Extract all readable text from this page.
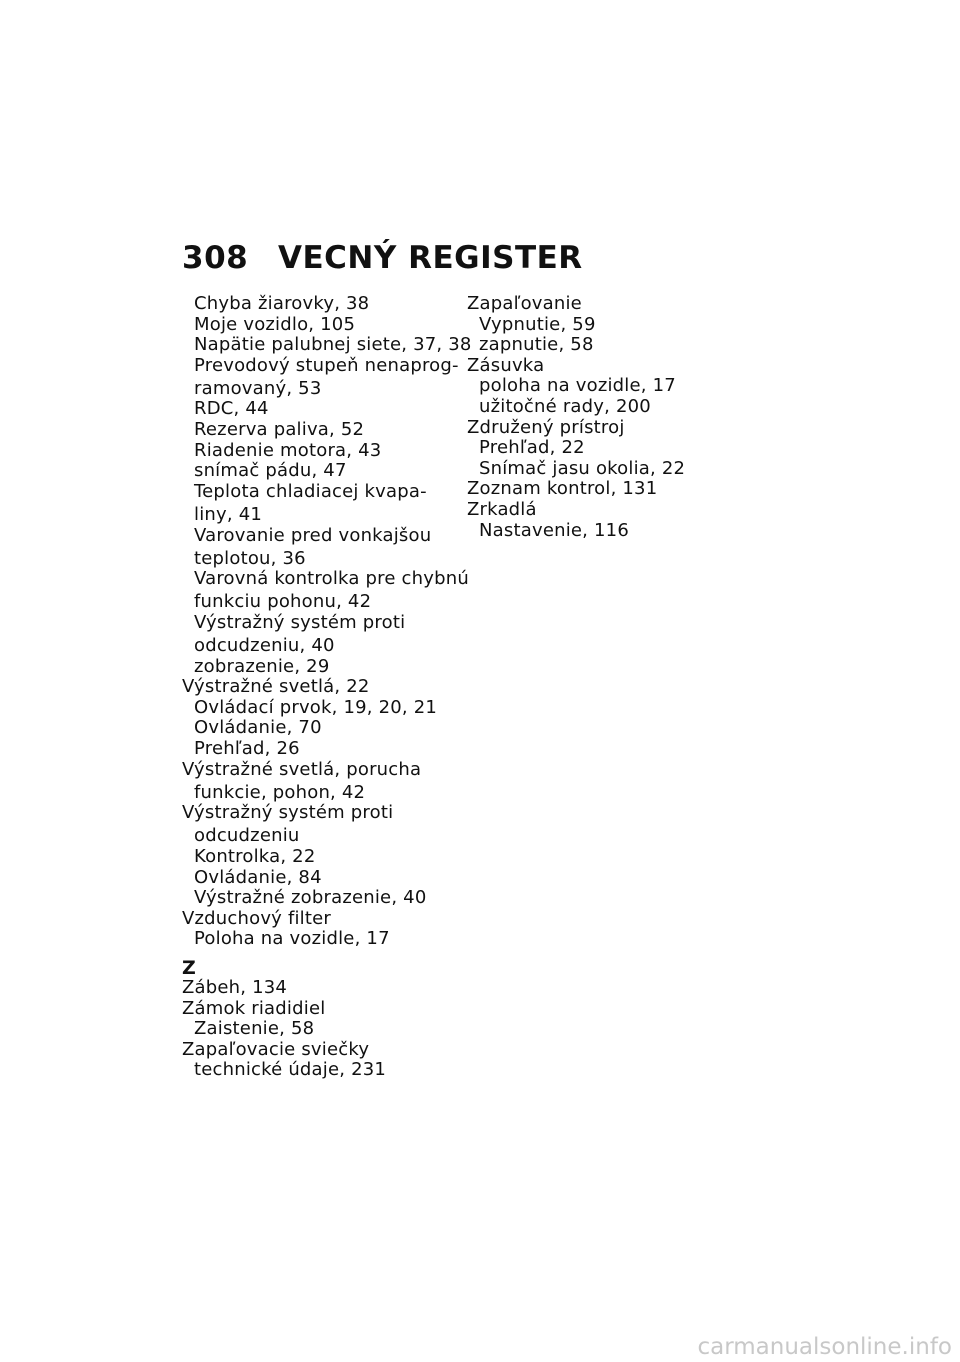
308 VECNÝ REGISTER
Chyba žiarovky, 38
Moje vozidlo, 105
Napätie palubnej siete, 37, 38
Prevodový stupeň nenaprog-
ramovaný, 53
RDC, 44
Rezerva paliva, 52
Riadenie motora, 43
snímač pádu, 47
Teplota chladiacej kvapa-
liny, 41
Varovanie pred vonkajšou
teplotou, 36
Varovná kontrolka pre chybnú
funkciu pohonu, 42
Výstražný systém proti
odcudzeniu, 40
zobrazenie, 29
Výstražné svetlá, 22
Ovládací prvok, 19, 20, 21
Ovládanie, 70
Prehľad, 26
Výstražné svetlá, porucha
funkcie, pohon, 42
Výstražný systém proti
odcudzeniu
Kontrolka, 22
Ovládanie, 84
Výstražné zobrazenie, 40
Vzduchový filter
Poloha na vozidle, 17
Z
Zábeh, 134
Zámok riadidiel
Zaistenie, 58
Zapaľovacie sviečky
technické údaje, 231
Zapaľovanie
Vypnutie, 59
zapnutie, 58
Zásuvka
poloha na vozidle, 17
užitočné rady, 200
Združený prístroj
Prehľad, 22
Snímač jasu okolia, 22
Zoznam kontrol, 131
Zrkadlá
Nastavenie, 116
carmanualsonline.info
